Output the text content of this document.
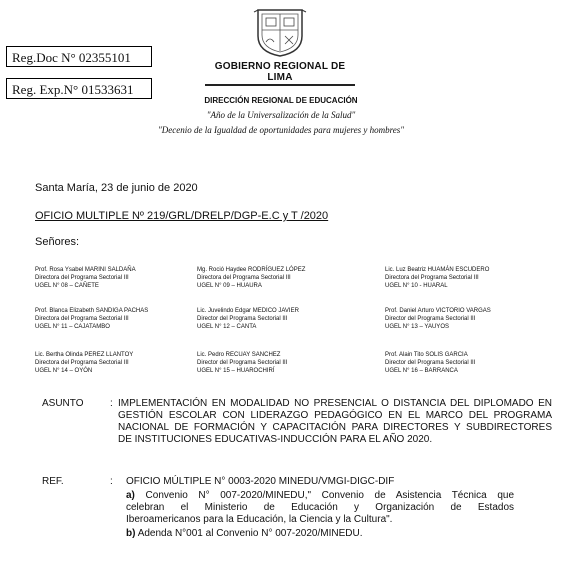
Reg.Doc N° 02355101
Reg. Exp.N° 01533631
GOBIERNO REGIONAL DE LIMA
DIRECCIÓN REGIONAL DE EDUCACIÓN
"Año de la Universalización de la Salud"
"Decenio de la Igualdad de oportunidades para mujeres y hombres"
Santa María, 23 de junio de 2020
OFICIO MULTIPLE Nº 219/GRL/DRELP/DGP-E.C y T /2020
Señores:
Prof. Rosa Ysabel MARINI SALDAÑA
Directora del Programa Sectorial III
UGEL N° 08 – CAÑETE
Mg. Roció Haydee RODRÍGUEZ LÓPEZ
Directora del Programa Sectorial III
UGEL N° 09 – HUAURA
Lic. Luz Beatriz HUAMÁN ESCUDERO
Directora del Programa Sectorial III
UGEL N° 10 - HUARAL
Prof. Blanca Elizabeth SANDIGA PACHAS
Directora del Programa Sectorial III
UGEL N° 11 – CAJATAMBO
Lic. Juvelindo Edgar MEDICO JAVIER
Director del Programa Sectorial III
UGEL N° 12 – CANTA
Prof. Daniel Arturo VICTORIO VARGAS
Director del Programa Sectorial III
UGEL N° 13 – YAUYOS
Lic. Bertha Olinda PEREZ LLANTOY
Directora del Programa Sectorial III
UGEL N° 14 – OYÓN
Lic. Pedro RECUAY SANCHEZ
Director del Programa Sectorial III
UGEL N° 15 – HUAROCHIRÍ
Prof. Alain Tito SOLIS GARCIA
Director del Programa Sectorial III
UGEL N° 16 – BARRANCA
ASUNTO	: IMPLEMENTACIÓN EN MODALIDAD NO PRESENCIAL O DISTANCIA DEL DIPLOMADO EN
GESTIÓN ESCOLAR CON LIDERAZGO PEDAGÓGICO EN EL MARCO DEL PROGRAMA
NACIONAL DE FORMACIÓN Y CAPACITACIÓN PARA DIRECTORES Y SUBDIRECTORES
DE INSTITUCIONES EDUCATIVAS-INDUCCIÓN PARA EL AÑO 2020.
REF.	: OFICIO MÚLTIPLE N° 0003-2020 MINEDU/VMGI-DIGC-DIF
a) Convenio N° 007-2020/MINEDU," Convenio de Asistencia Técnica que
celebran el Ministerio de Educación y Organización de Estados
Iberoamericanos para la Educación, la Ciencia y la Cultura".
b) Adenda N°001 al Convenio N° 007-2020/MINEDU.
